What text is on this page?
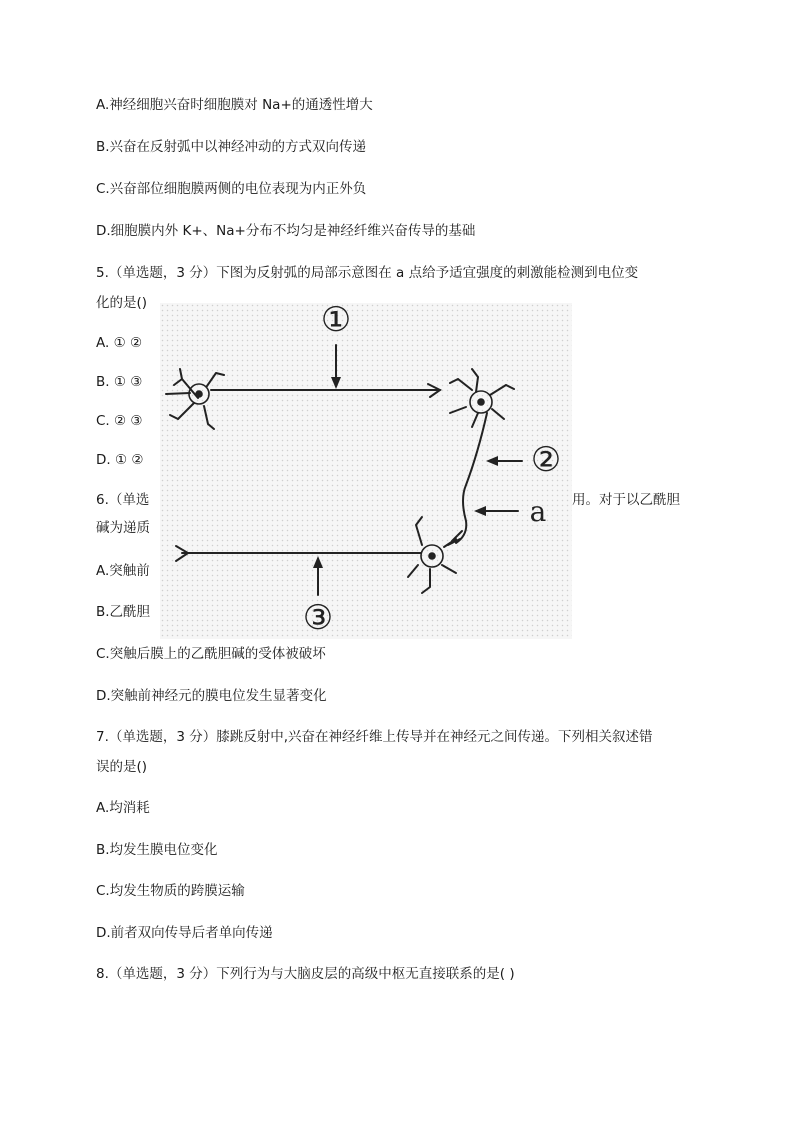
A.神经细胞兴奋时细胞膜对 Na+的通透性增大
B.兴奋在反射弧中以神经冲动的方式双向传递
C.兴奋部位细胞膜两侧的电位表现为内正外负
D.细胞膜内外 K+、Na+分布不均匀是神经纤维兴奋传导的基础
5.（单选题，3 分）下图为反射弧的局部示意图在 a 点给予适宜强度的刺激能检测到电位变
化的是()
A. ① ②
B. ① ③
C. ② ③
D. ① ②
6.（单选	用。对于以乙酰胆
碱为递质
A.突触前
B.乙酰胆
①
②
a
③
C.突触后膜上的乙酰胆碱的受体被破坏
D.突触前神经元的膜电位发生显著变化
7.（单选题，3 分）膝跳反射中,兴奋在神经纤维上传导并在神经元之间传递。下列相关叙述错
误的是()
A.均消耗
B.均发生膜电位变化
C.均发生物质的跨膜运输
D.前者双向传导后者单向传递
8.（单选题，3 分）下列行为与大脑皮层的高级中枢无直接联系的是( )
